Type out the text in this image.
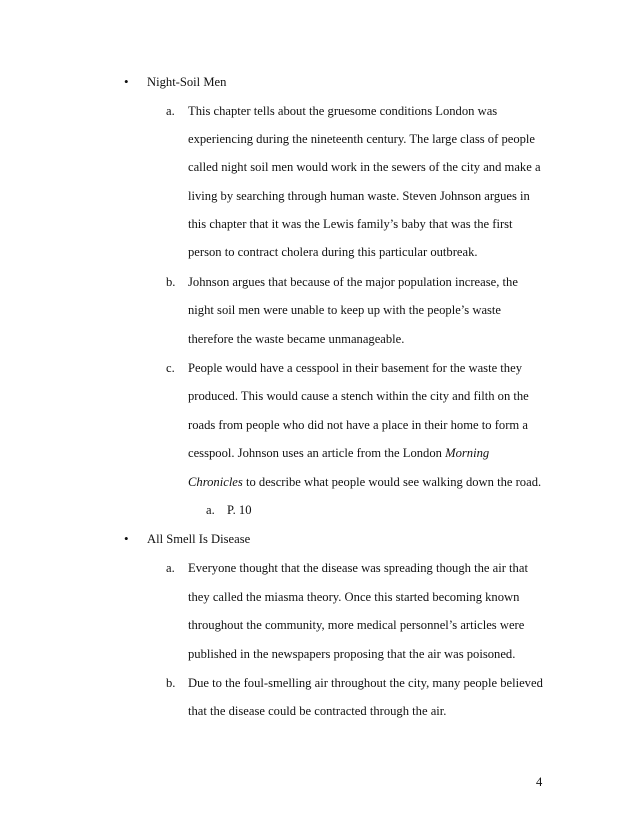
• Night-Soil Men
a. This chapter tells about the gruesome conditions London was
experiencing during the nineteenth century. The large class of people
called night soil men would work in the sewers of the city and make a
living by searching through human waste. Steven Johnson argues in
this chapter that it was the Lewis family’s baby that was the first
person to contract cholera during this particular outbreak.
b. Johnson argues that because of the major population increase, the
night soil men were unable to keep up with the people’s waste
therefore the waste became unmanageable.
c. People would have a cesspool in their basement for the waste they
produced. This would cause a stench within the city and filth on the
roads from people who did not have a place in their home to form a
cesspool. Johnson uses an article from the London Morning
Chronicles to describe what people would see walking down the road.
a. P. 10
• All Smell Is Disease
a. Everyone thought that the disease was spreading though the air that
they called the miasma theory. Once this started becoming known
throughout the community, more medical personnel’s articles were
published in the newspapers proposing that the air was poisoned.
b. Due to the foul-smelling air throughout the city, many people believed
that the disease could be contracted through the air.
4
